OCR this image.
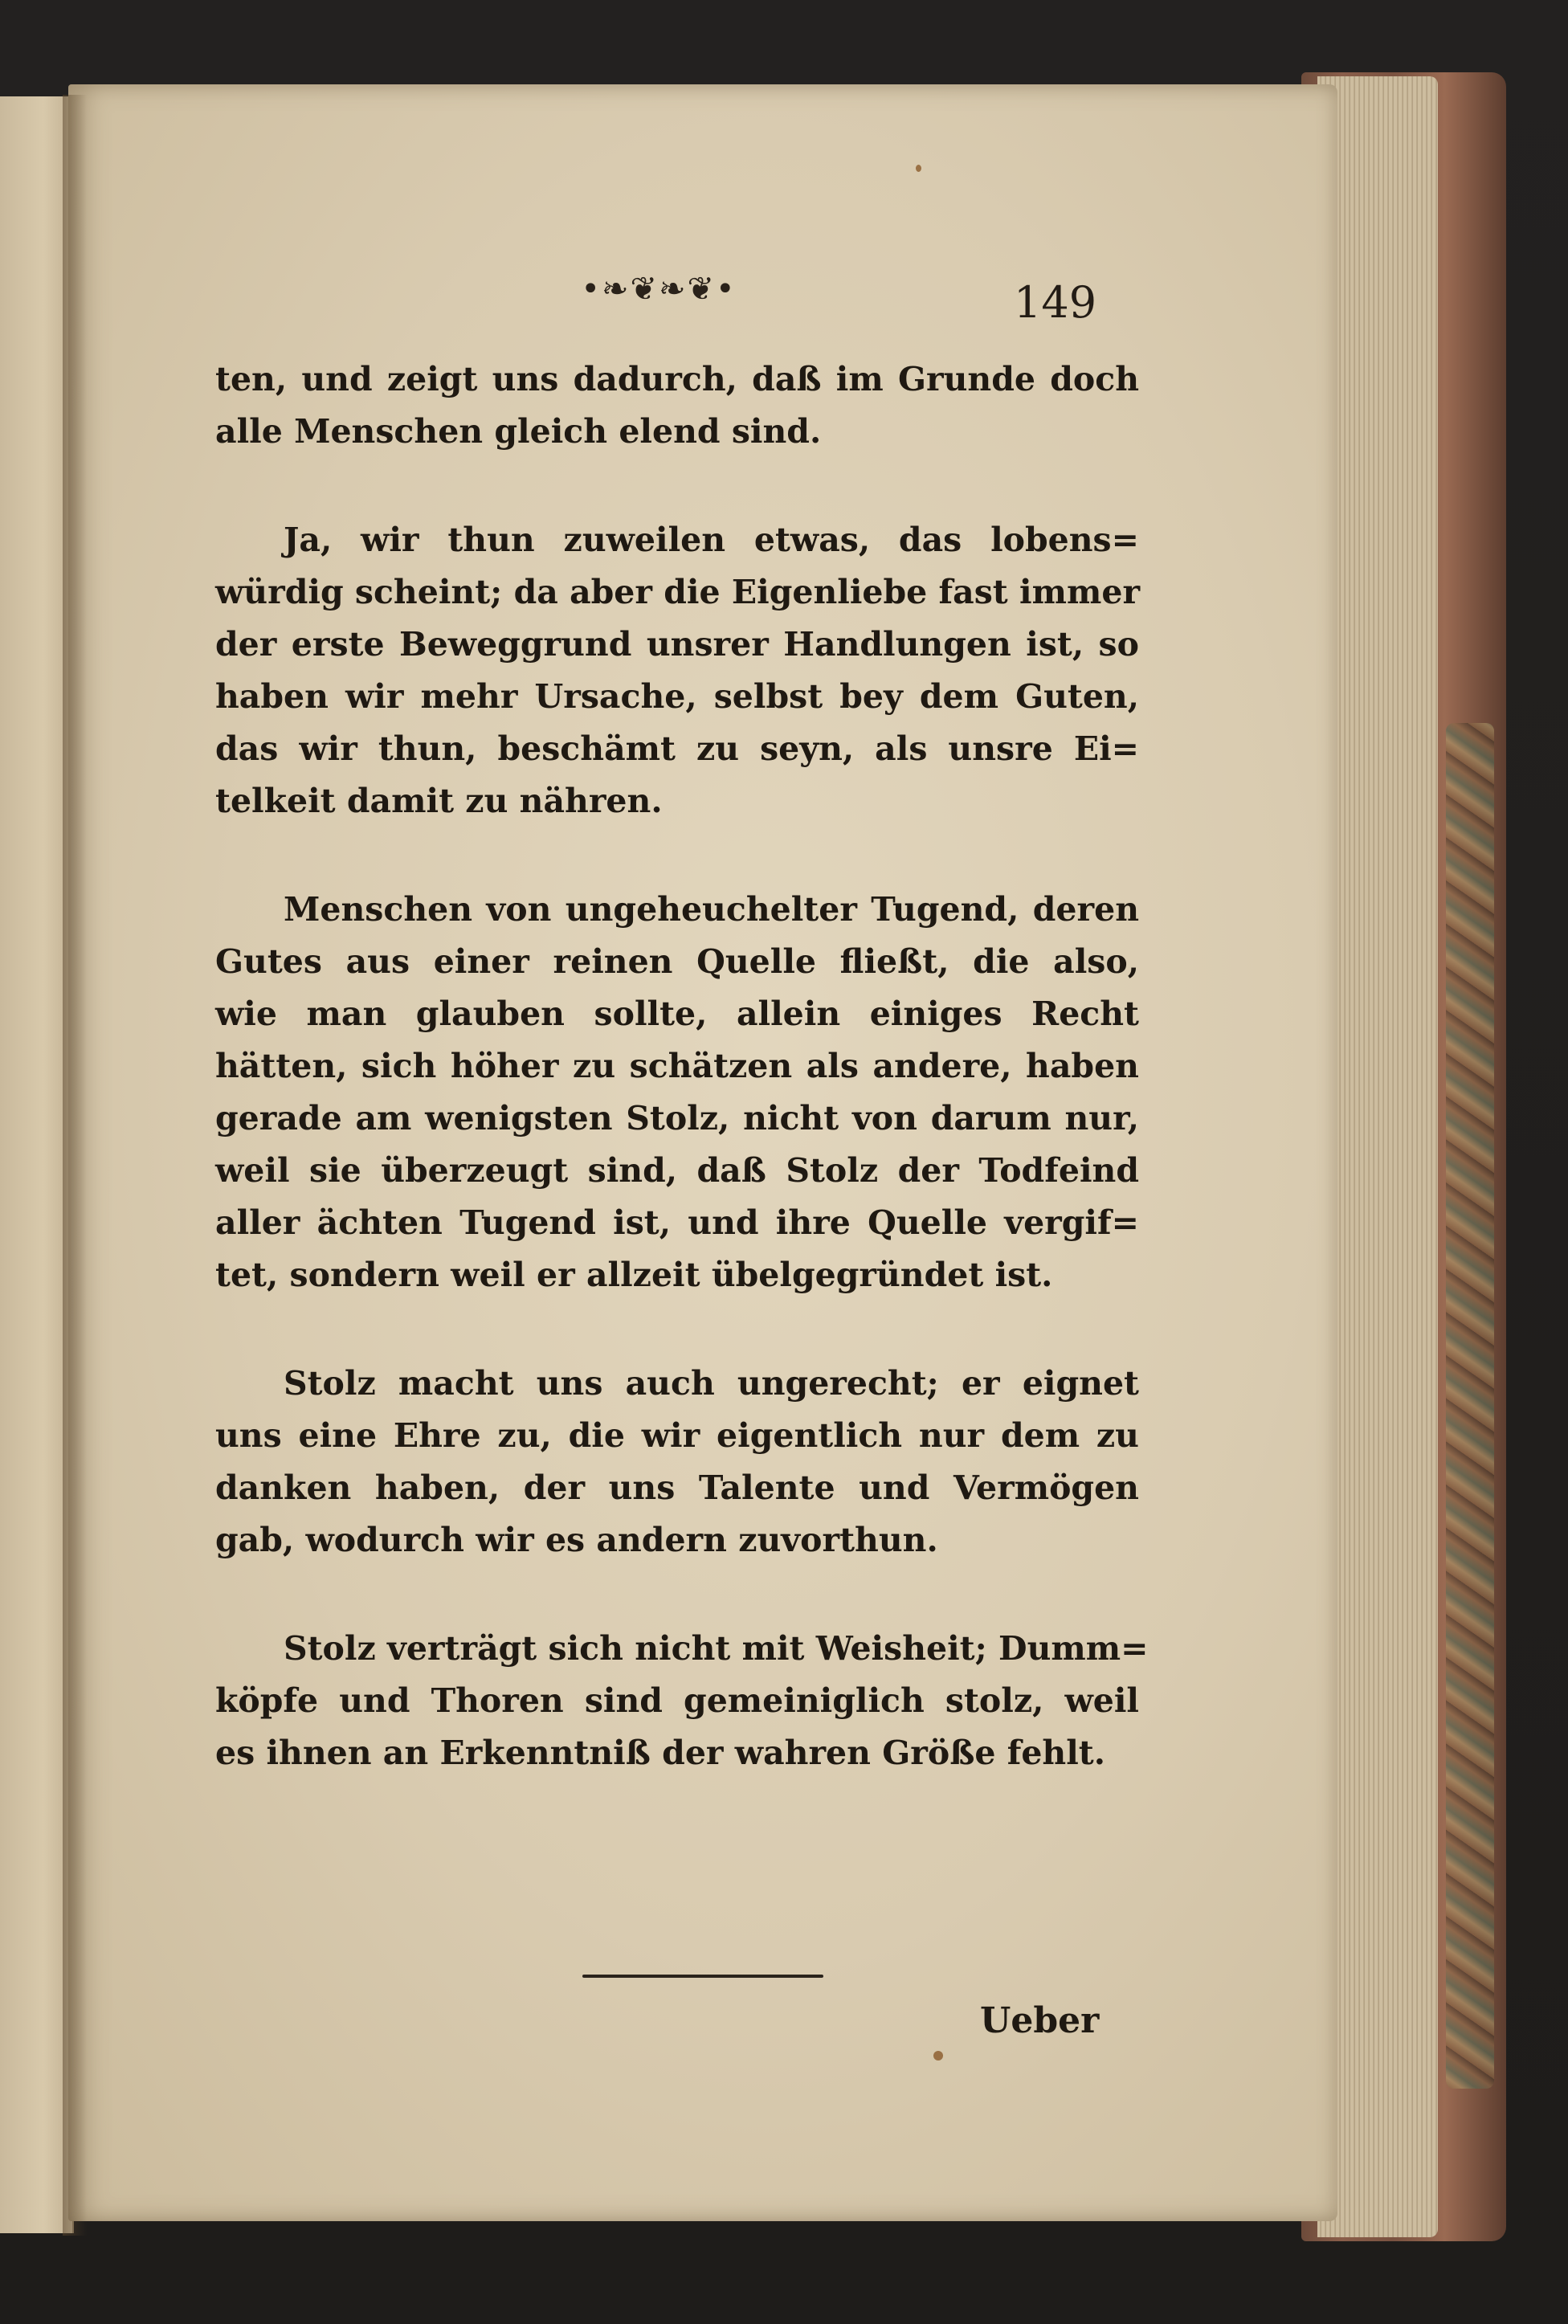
•❧❦❧❦•	149
ten, und zeigt uns dadurch, daß im Grunde doch
alle Menschen gleich elend sind.
Ja, wir thun zuweilen etwas, das lobens=
würdig scheint; da aber die Eigenliebe fast immer
der erste Beweggrund unsrer Handlungen ist, so
haben wir mehr Ursache, selbst bey dem Guten,
das wir thun, beschämt zu seyn, als unsre Ei=
telkeit damit zu nähren.
Menschen von ungeheuchelter Tugend, deren
Gutes aus einer reinen Quelle fließt, die also,
wie man glauben sollte, allein einiges Recht
hätten, sich höher zu schätzen als andere, haben
gerade am wenigsten Stolz, nicht von darum nur,
weil sie überzeugt sind, daß Stolz der Todfeind
aller ächten Tugend ist, und ihre Quelle vergif=
tet, sondern weil er allzeit übelgegründet ist.
Stolz macht uns auch ungerecht; er eignet
uns eine Ehre zu, die wir eigentlich nur dem zu
danken haben, der uns Talente und Vermögen
gab, wodurch wir es andern zuvorthun.
Stolz verträgt sich nicht mit Weisheit; Dumm=
köpfe und Thoren sind gemeiniglich stolz, weil
es ihnen an Erkenntniß der wahren Größe fehlt.
Ueber
